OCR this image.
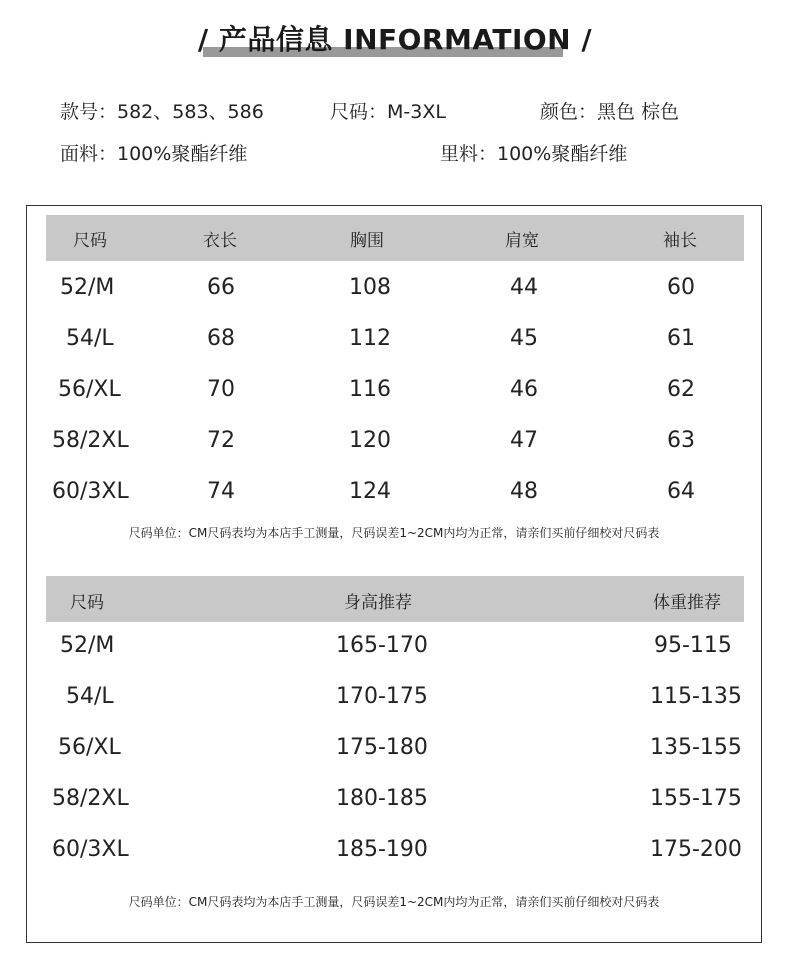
/ 产品信息 INFORMATION /
款号：582、583、586	尺码：M-3XL	颜色：黑色 棕色
面料：100%聚酯纤维	里料：100%聚酯纤维
尺码	衣长	胸围	肩宽	袖长
52/M	66	108	44	60
54/L	68	112	45	61
56/XL	70	116	46	62
58/2XL	72	120	47	63
60/3XL	74	124	48	64
尺码单位：CM尺码表均为本店手工测量，尺码误差1~2CM内均为正常，请亲们买前仔细校对尺码表
尺码	身高推荐	体重推荐
52/M	165-170	95-115
54/L	170-175	115-135
56/XL	175-180	135-155
58/2XL	180-185	155-175
60/3XL	185-190	175-200
尺码单位：CM尺码表均为本店手工测量，尺码误差1~2CM内均为正常，请亲们买前仔细校对尺码表
